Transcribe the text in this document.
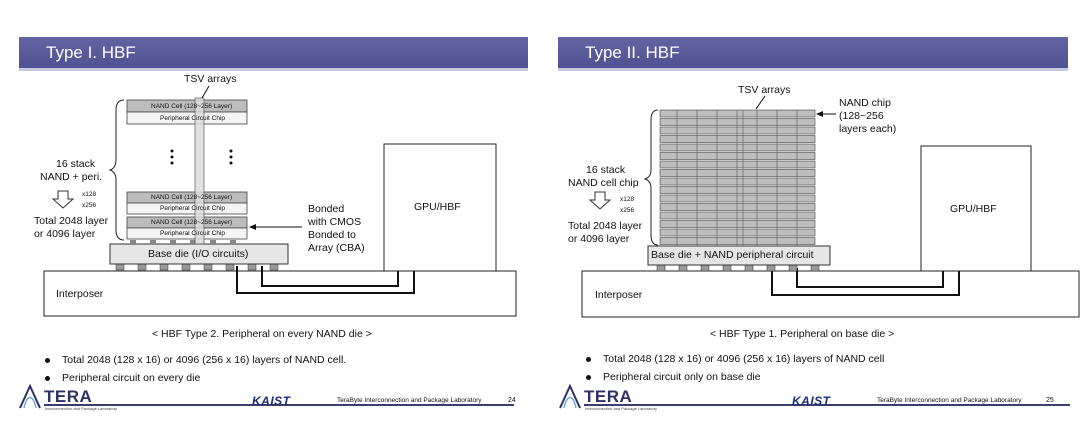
Type I. HBF
TSV arrays
NAND Cell (128~256 Layer)
Peripheral Circuit Chip
NAND Cell (128~256 Layer)
Peripheral Circuit Chip
NAND Cell (128~256 Layer)
Peripheral Circuit Chip
16 stack
NAND + peri.
x128
x256
Total 2048 layer
or 4096 layer
Bonded
with CMOS
Bonded to
Array (CBA)
GPU/HBF
Base die (I/O circuits)
Interposer
< HBF Type 2. Peripheral on every NAND die >
Total 2048 (128 x 16) or 4096 (256 x 16) layers of NAND cell.
Peripheral circuit on every die
TERA
Interconnection and Package Laboratory
KAIST	TeraByte Interconnection and Package Laboratory	24
Type II. HBF
TSV arrays
NAND chip
(128~256
layers each)
16 stack
NAND cell chip
x128
x256
Total 2048 layer
or 4096 layer
GPU/HBF
Base die + NAND peripheral circuit
Interposer
< HBF Type 1. Peripheral on base die >
Total 2048 (128 x 16) or 4096 (256 x 16) layers of NAND cell
Peripheral circuit only on base die
TERA
Interconnection and Package Laboratory
KAIST	TeraByte Interconnection and Package Laboratory	25
